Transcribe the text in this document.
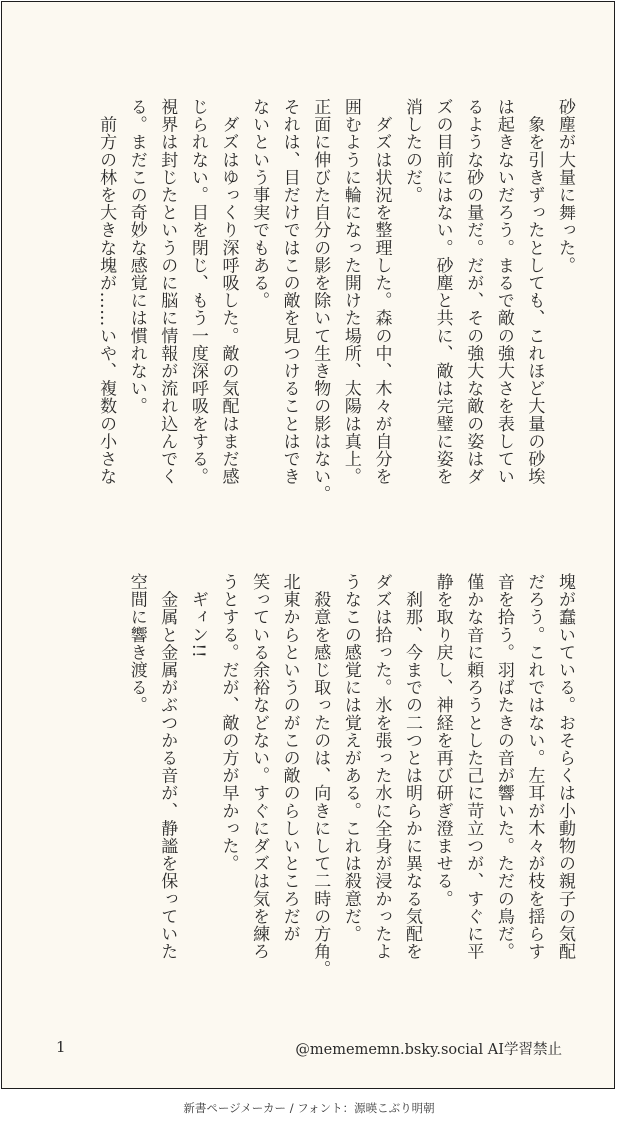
砂塵が大量に舞った。
　象を引きずったとしても、これほど大量の砂埃
は起きないだろう。まるで敵の強大さを表してい
るような砂の量だ。だが、その強大な敵の姿はダ
ズの目前にはない。砂塵と共に、敵は完璧に姿を
消したのだ。
　ダズは状況を整理した。森の中、木々が自分を
囲むように輪になった開けた場所、太陽は真上。
正面に伸びた自分の影を除いて生き物の影はない。
それは、目だけではこの敵を見つけることはでき
ないという事実でもある。
　ダズはゆっくり深呼吸した。敵の気配はまだ感
じられない。目を閉じ、もう一度深呼吸をする。
視界は封じたというのに脳に情報が流れ込んでく
る。まだこの奇妙な感覚には慣れない。
　前方の林を大きな塊が……いや、複数の小さな
塊が蠢いている。おそらくは小動物の親子の気配
だろう。これではない。左耳が木々が枝を揺らす
音を拾う。羽ばたきの音が響いた。ただの鳥だ。
僅かな音に頼ろうとした己に苛立つが、すぐに平
静を取り戻し、神経を再び研ぎ澄ませる。
　刹那、今までの二つとは明らかに異なる気配を
ダズは拾った。氷を張った水に全身が浸かったよ
うなこの感覚には覚えがある。これは殺意だ。
　殺意を感じ取ったのは、向きにして二時の方角。
北東からというのがこの敵のらしいところだが
笑っている余裕などない。すぐにダズは気を練ろ
うとする。だが、敵の方が早かった。
　ギィン!!
　金属と金属がぶつかる音が、静謐を保っていた
空間に響き渡る。
1	@memememn.bsky.social AI学習禁止
新書ページメーカー / フォント：源暎こぶり明朝
